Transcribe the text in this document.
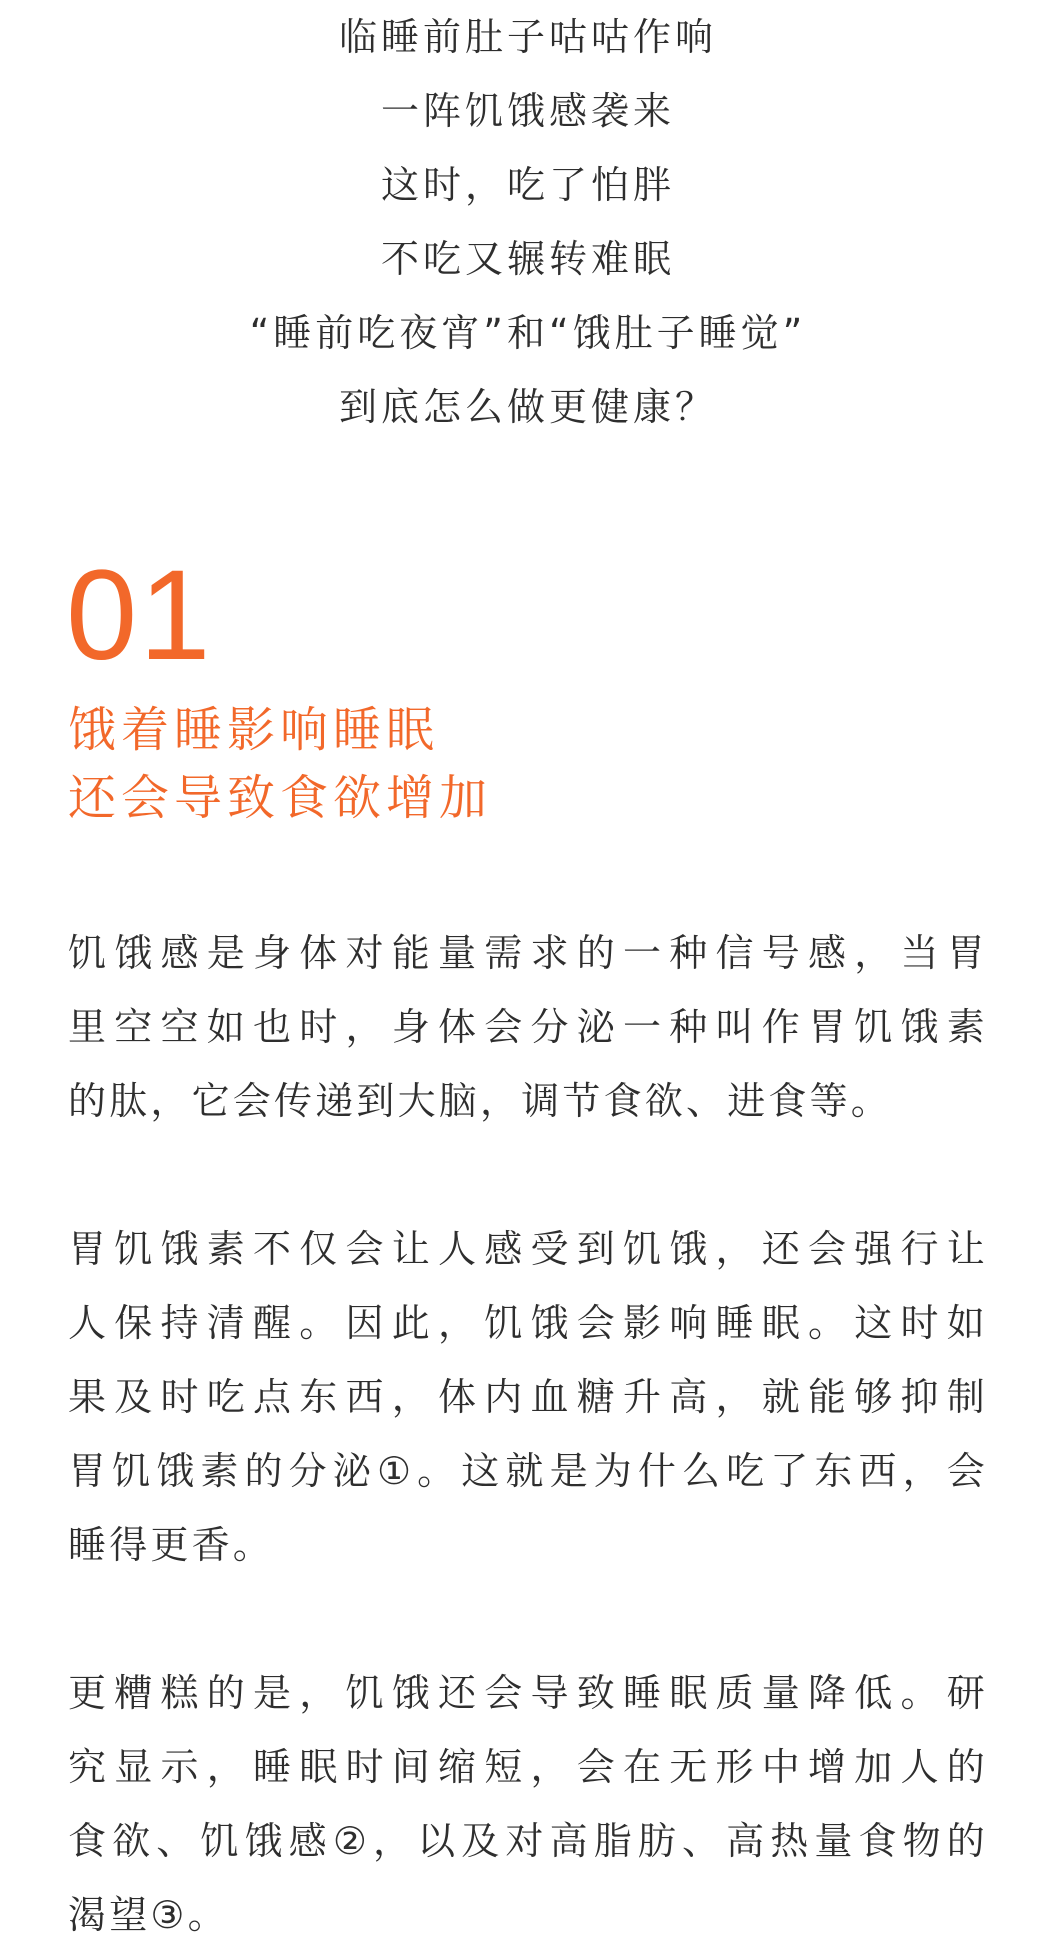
临睡前肚子咕咕作响
一阵饥饿感袭来
这时，吃了怕胖
不吃又辗转难眠
“睡前吃夜宵”和“饿肚子睡觉”
到底怎么做更健康？
01
饿着睡影响睡眠
还会导致食欲增加
饥饿感是身体对能量需求的一种信号感，当胃
里空空如也时，身体会分泌一种叫作胃饥饿素
的肽，它会传递到大脑，调节食欲、进食等。
胃饥饿素不仅会让人感受到饥饿，还会强行让
人保持清醒。因此，饥饿会影响睡眠。这时如
果及时吃点东西，体内血糖升高，就能够抑制
胃饥饿素的分泌①。这就是为什么吃了东西，会
睡得更香。
更糟糕的是，饥饿还会导致睡眠质量降低。研
究显示，睡眠时间缩短，会在无形中增加人的
食欲、饥饿感②，以及对高脂肪、高热量食物的
渴望③。
